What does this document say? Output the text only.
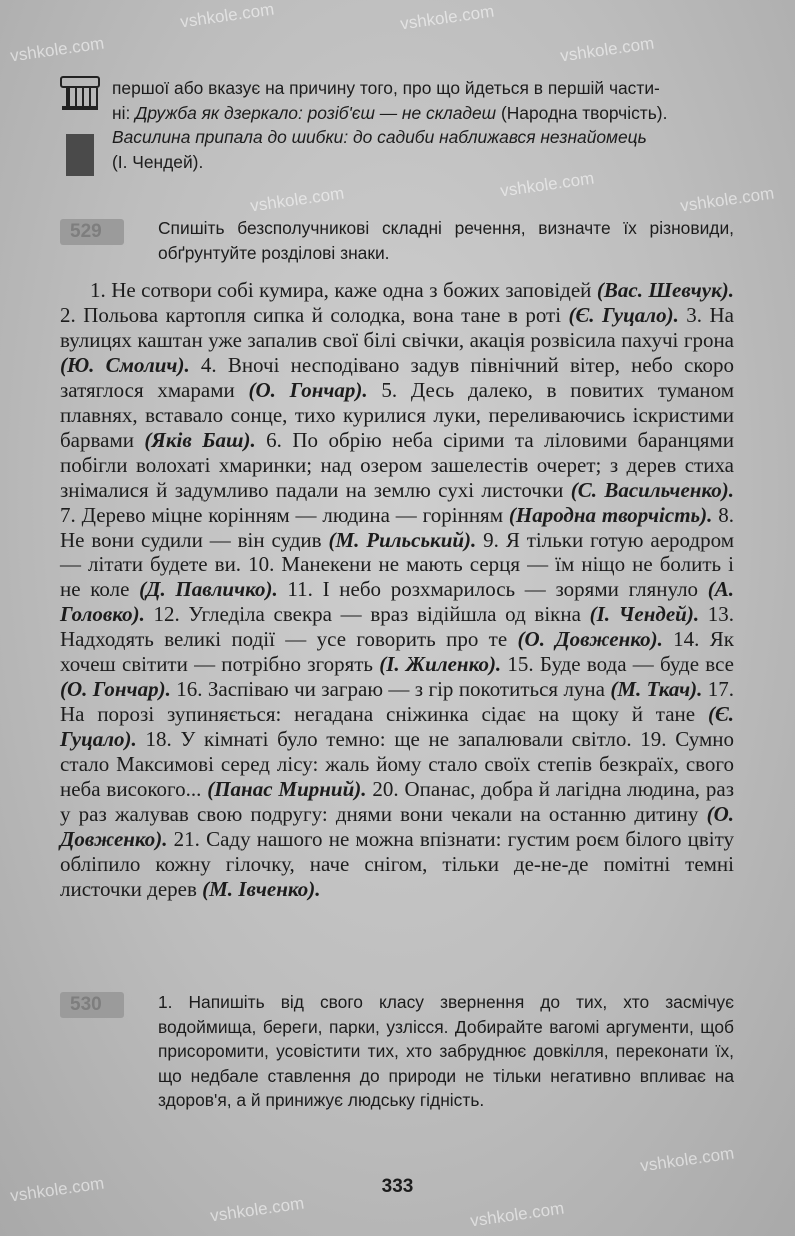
vshkole.com	vshkole.com
vshkole.com	vshkole.com
vshkole.com	vshkole.com	vshkole.com
vshkole.com
vshkole.com
vshkole.com	vshkole.com

першої або вказує на причину того, про що йдеться в першій части-

ні: Дружба як дзеркало: розіб'єш — не складеш (Народна творчість).

Василина припала до шибки: до садиби наближався незнайомець

(І. Чендей).

529	Спишіть безсполучникові складні речення, визначте їх різновиди, обґрунтуйте розділові знаки.
1. Не сотвори собі кумира, каже одна з божих заповідей (Вас. Шевчук). 2. Польова картопля сипка й солодка, вона тане в роті (Є. Гуцало). 3. На вулицях каштан уже запалив свої білі свічки, акація розвісила пахучі грона (Ю. Смолич). 4. Вночі несподівано задув північний вітер, небо скоро затяглося хмарами (О. Гончар). 5. Десь далеко, в повитих туманом плавнях, вставало сонце, тихо курилися луки, переливаючись іскристими барвами (Яків Баш). 6. По обрію неба сірими та ліловими баранцями побігли волохаті хмаринки; над озером зашелестів очерет; з дерев стиха знімалися й задумливо падали на землю сухі листочки (С. Васильченко). 7. Дерево міцне корінням — людина — горінням (Народна творчість). 8. Не вони судили — він судив (М. Рильський). 9. Я тільки готую аеродром — літати будете ви. 10. Манекени не мають серця — їм ніщо не болить і не коле (Д. Павличко). 11. І небо розхмарилось — зорями глянуло (А. Головко). 12. Угледіла свекра — враз відійшла од вікна (І. Чендей). 13. Надходять великі події — усе говорить про те (О. Довженко). 14. Як хочеш світити — потрібно згорять (І. Жиленко). 15. Буде вода — буде все (О. Гончар). 16. Заспіваю чи заграю — з гір покотиться луна (М. Ткач). 17. На порозі зупиняється: негадана сніжинка сідає на щоку й тане (Є. Гуцало). 18. У кімнаті було темно: ще не запалювали світло. 19. Сумно стало Максимові серед лісу: жаль йому стало своїх степів безкраїх, свого неба високого... (Панас Мирний). 20. Опанас, добра й лагідна людина, раз у раз жалував свою подругу: днями вони чекали на останню дитину (О. Довженко). 21. Саду нашого не можна впізнати: густим роєм білого цвіту обліпило кожну гілочку, наче снігом, тільки де-не-де помітні темні листочки дерев (М. Івченко).
530	1. Напишіть від свого класу звернення до тих, хто засмічує водоймища, береги, парки, узлісся. Добирайте вагомі аргументи, щоб присоромити, усовістити тих, хто забруднює довкілля, переконати їх, що недбале ставлення до природи не тільки негативно впливає на здоров'я, а й принижує людську гідність.
333
